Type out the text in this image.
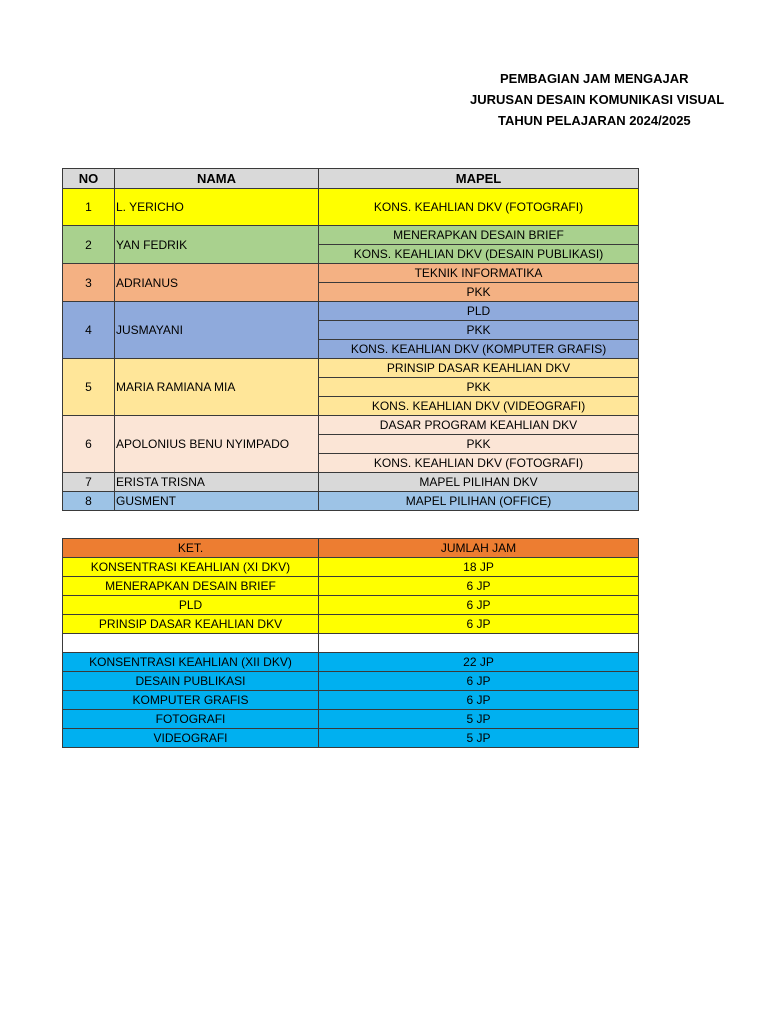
PEMBAGIAN JAM MENGAJAR
JURUSAN DESAIN KOMUNIKASI VISUAL
TAHUN PELAJARAN 2024/2025
NO	NAMA	MAPEL
1	L. YERICHO	KONS. KEAHLIAN DKV (FOTOGRAFI)
2	YAN FEDRIK	MENERAPKAN DESAIN BRIEF
		KONS. KEAHLIAN DKV (DESAIN PUBLIKASI)
3	ADRIANUS	TEKNIK INFORMATIKA
		PKK
4	JUSMAYANI	PLD
		PKK
		KONS. KEAHLIAN DKV (KOMPUTER GRAFIS)
5	MARIA RAMIANA MIA	PRINSIP DASAR KEAHLIAN DKV
		PKK
		KONS. KEAHLIAN DKV (VIDEOGRAFI)
6	APOLONIUS BENU NYIMPADO	DASAR PROGRAM KEAHLIAN DKV
		PKK
		KONS. KEAHLIAN DKV (FOTOGRAFI)
7	ERISTA TRISNA	MAPEL PILIHAN DKV
8	GUSMENT	MAPEL PILIHAN (OFFICE)
KET.	JUMLAH JAM
KONSENTRASI KEAHLIAN (XI DKV)	18 JP
MENERAPKAN DESAIN BRIEF	6 JP
PLD	6 JP
PRINSIP DASAR KEAHLIAN DKV	6 JP

KONSENTRASI KEAHLIAN (XII DKV)	22 JP
DESAIN PUBLIKASI	6 JP
KOMPUTER GRAFIS	6 JP
FOTOGRAFI	5 JP
VIDEOGRAFI	5 JP
